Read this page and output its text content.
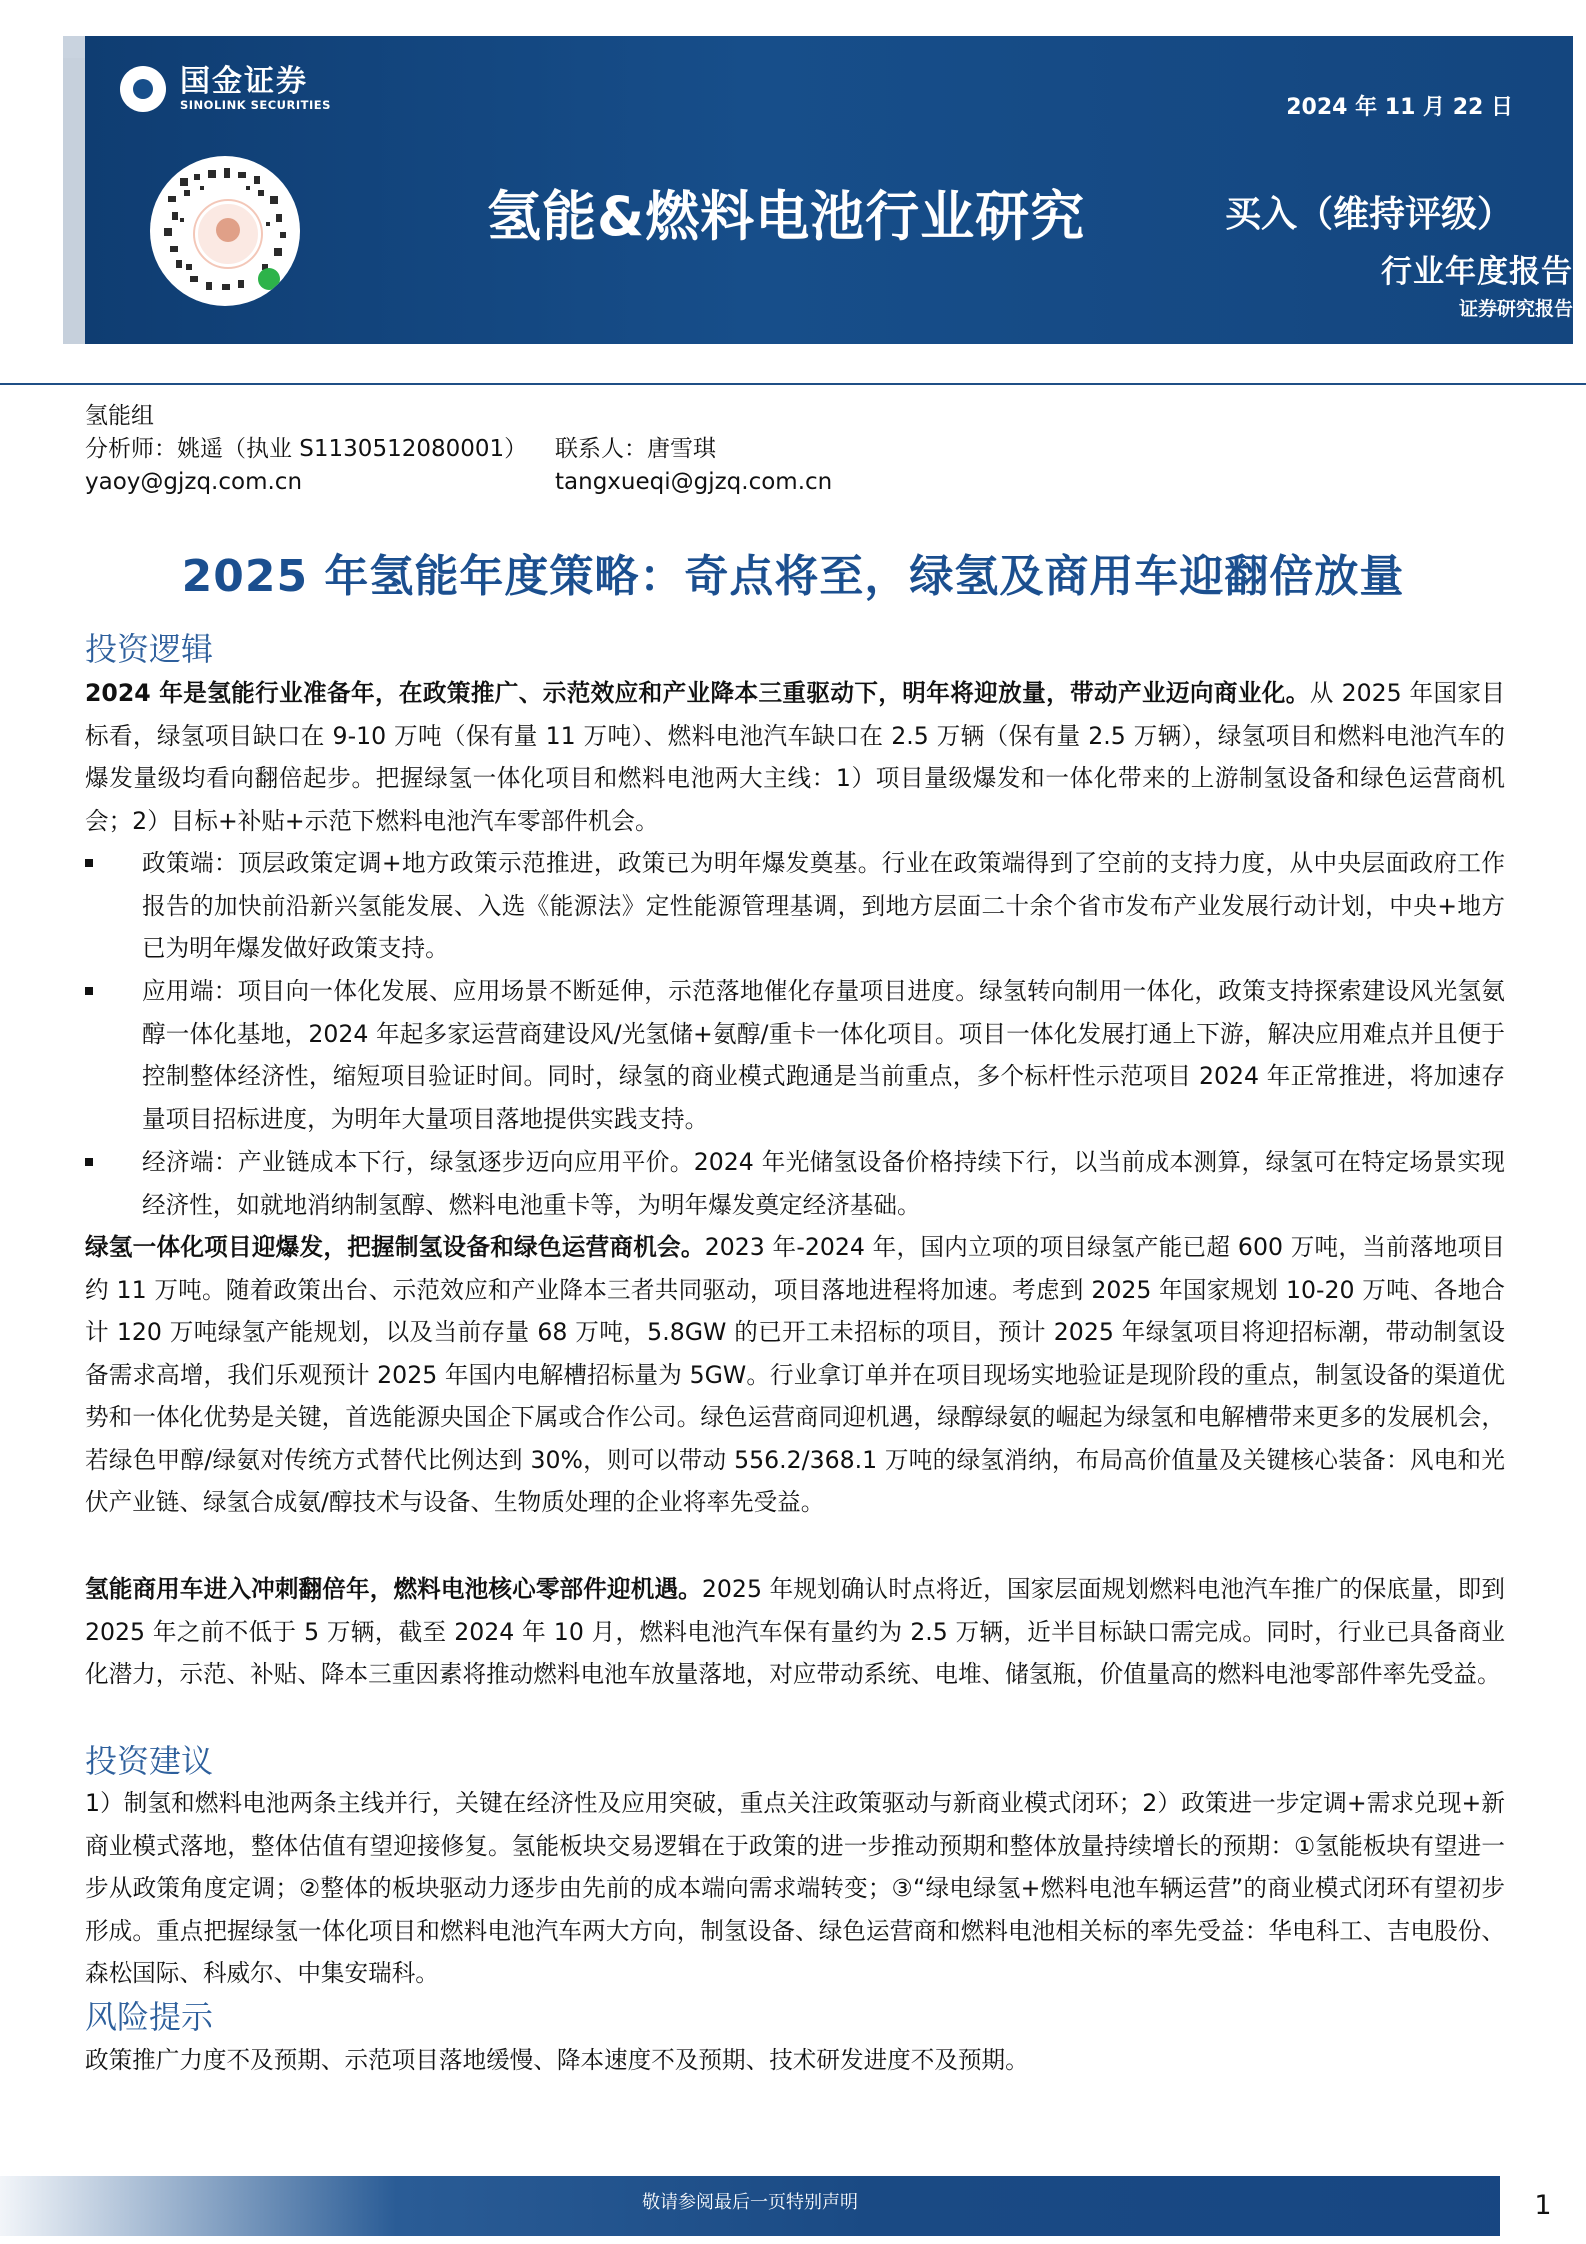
国金证券
SINOLINK SECURITIES	2024 年 11 月 22 日
氢能&燃料电池行业研究	买入（维持评级）
行业年度报告
证券研究报告
氢能组
分析师：姚遥（执业 S1130512080001）
yaoy@gjzq.com.cn
联系人：唐雪琪
tangxueqi@gjzq.com.cn
2025 年氢能年度策略：奇点将至，绿氢及商用车迎翻倍放量
投资逻辑
2024 年是氢能行业准备年，在政策推广、示范效应和产业降本三重驱动下，明年将迎放量，带动产业迈向商业化。从 2025 年国家目标看，绿氢项目缺口在 9-10 万吨（保有量 11 万吨）、燃料电池汽车缺口在 2.5 万辆（保有量 2.5 万辆），绿氢项目和燃料电池汽车的爆发量级均看向翻倍起步。把握绿氢一体化项目和燃料电池两大主线：1）项目量级爆发和一体化带来的上游制氢设备和绿色运营商机会；2）目标+补贴+示范下燃料电池汽车零部件机会。
政策端：顶层政策定调+地方政策示范推进，政策已为明年爆发奠基。行业在政策端得到了空前的支持力度，从中央层面政府工作报告的加快前沿新兴氢能发展、入选《能源法》定性能源管理基调，到地方层面二十余个省市发布产业发展行动计划，中央+地方已为明年爆发做好政策支持。
应用端：项目向一体化发展、应用场景不断延伸，示范落地催化存量项目进度。绿氢转向制用一体化，政策支持探索建设风光氢氨醇一体化基地，2024 年起多家运营商建设风/光氢储+氨醇/重卡一体化项目。项目一体化发展打通上下游，解决应用难点并且便于控制整体经济性，缩短项目验证时间。同时，绿氢的商业模式跑通是当前重点，多个标杆性示范项目 2024 年正常推进，将加速存量项目招标进度，为明年大量项目落地提供实践支持。
经济端：产业链成本下行，绿氢逐步迈向应用平价。2024 年光储氢设备价格持续下行，以当前成本测算，绿氢可在特定场景实现经济性，如就地消纳制氢醇、燃料电池重卡等，为明年爆发奠定经济基础。
绿氢一体化项目迎爆发，把握制氢设备和绿色运营商机会。2023 年-2024 年，国内立项的项目绿氢产能已超 600 万吨，当前落地项目约 11 万吨。随着政策出台、示范效应和产业降本三者共同驱动，项目落地进程将加速。考虑到 2025 年国家规划 10-20 万吨、各地合计 120 万吨绿氢产能规划，以及当前存量 68 万吨，5.8GW 的已开工未招标的项目，预计 2025 年绿氢项目将迎招标潮，带动制氢设备需求高增，我们乐观预计 2025 年国内电解槽招标量为 5GW。行业拿订单并在项目现场实地验证是现阶段的重点，制氢设备的渠道优势和一体化优势是关键，首选能源央国企下属或合作公司。绿色运营商同迎机遇，绿醇绿氨的崛起为绿氢和电解槽带来更多的发展机会，若绿色甲醇/绿氨对传统方式替代比例达到 30%，则可以带动 556.2/368.1 万吨的绿氢消纳，布局高价值量及关键核心装备：风电和光伏产业链、绿氢合成氨/醇技术与设备、生物质处理的企业将率先受益。
氢能商用车进入冲刺翻倍年，燃料电池核心零部件迎机遇。2025 年规划确认时点将近，国家层面规划燃料电池汽车推广的保底量，即到 2025 年之前不低于 5 万辆，截至 2024 年 10 月，燃料电池汽车保有量约为 2.5 万辆，近半目标缺口需完成。同时，行业已具备商业化潜力，示范、补贴、降本三重因素将推动燃料电池车放量落地，对应带动系统、电堆、储氢瓶，价值量高的燃料电池零部件率先受益。
投资建议
1）制氢和燃料电池两条主线并行，关键在经济性及应用突破，重点关注政策驱动与新商业模式闭环；2）政策进一步定调+需求兑现+新商业模式落地，整体估值有望迎接修复。氢能板块交易逻辑在于政策的进一步推动预期和整体放量持续增长的预期：①氢能板块有望进一步从政策角度定调；②整体的板块驱动力逐步由先前的成本端向需求端转变；③“绿电绿氢+燃料电池车辆运营”的商业模式闭环有望初步形成。重点把握绿氢一体化项目和燃料电池汽车两大方向，制氢设备、绿色运营商和燃料电池相关标的率先受益：华电科工、吉电股份、森松国际、科威尔、中集安瑞科。
风险提示
政策推广力度不及预期、示范项目落地缓慢、降本速度不及预期、技术研发进度不及预期。
敬请参阅最后一页特别声明	1
